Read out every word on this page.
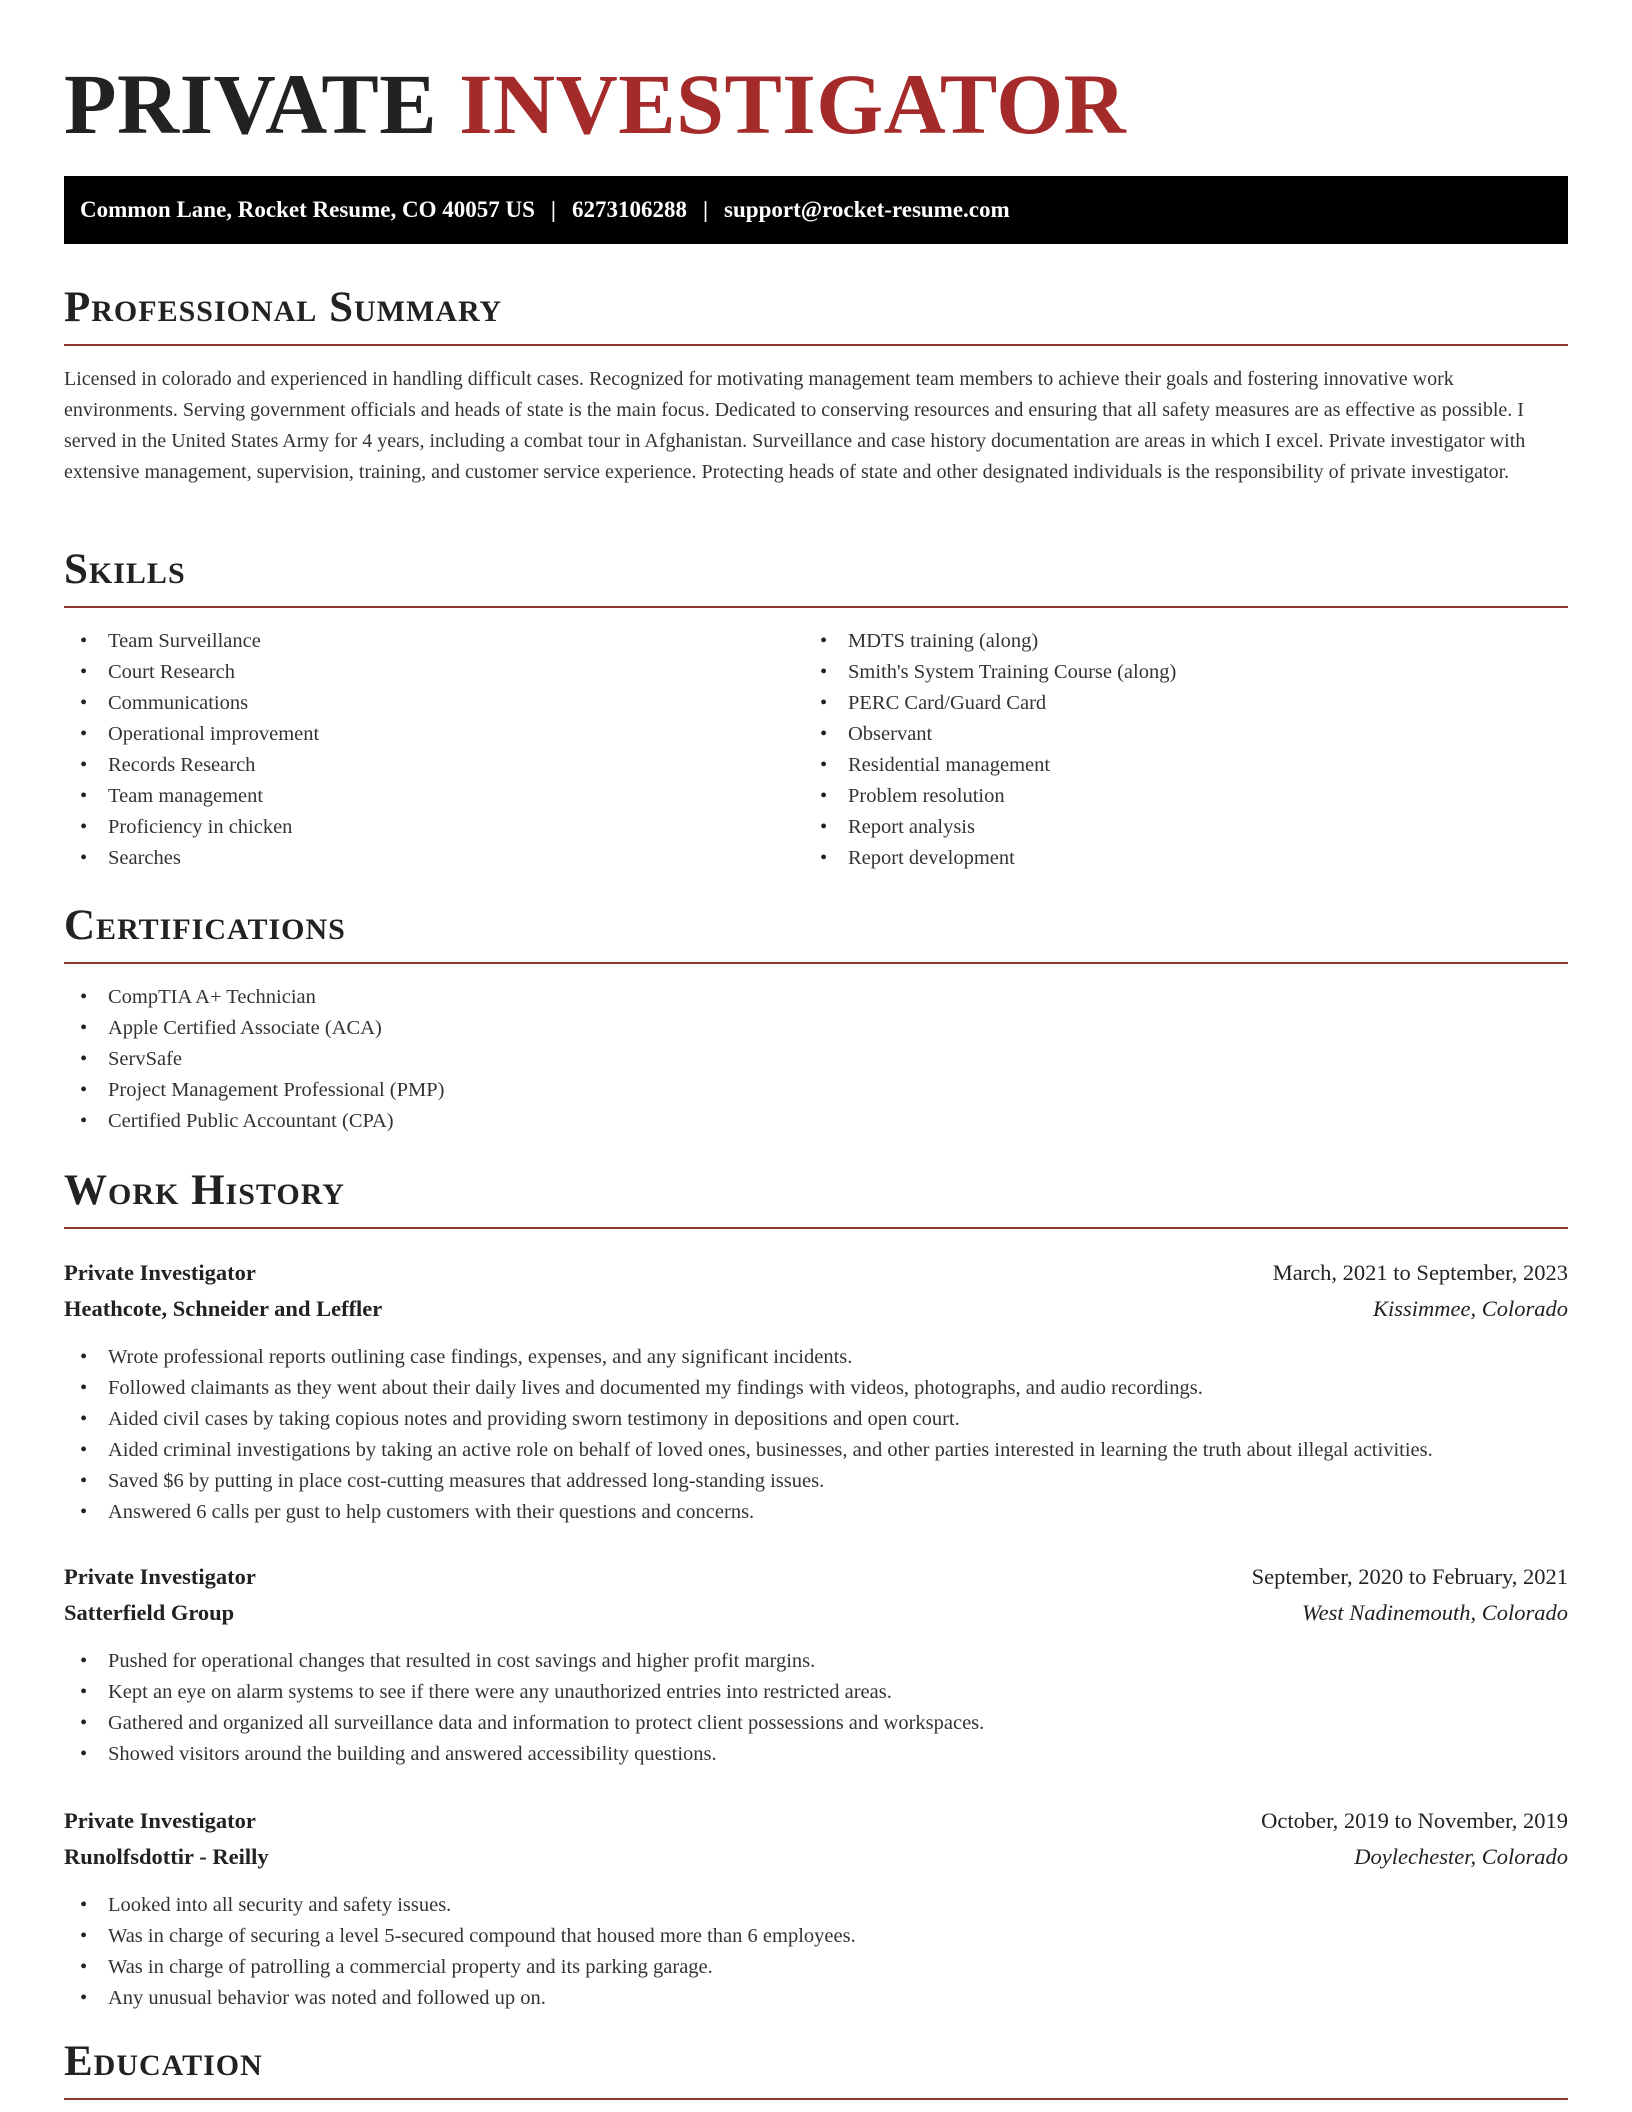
PRIVATE INVESTIGATOR
Common Lane, Rocket Resume, CO 40057 US | 6273106288 | support@rocket-resume.com
Professional Summary

Licensed in colorado and experienced in handling difficult cases. Recognized for motivating management team members to achieve their goals and fostering innovative work environments. Serving government officials and heads of state is the main focus. Dedicated to conserving resources and ensuring that all safety measures are as effective as possible. I served in the United States Army for 4 years, including a combat tour in Afghanistan. Surveillance and case history documentation are areas in which I excel. Private investigator with extensive management, supervision, training, and customer service experience. Protecting heads of state and other designated individuals is the responsibility of private investigator.

Skills
• Team Surveillance
• Court Research
• Communications
• Operational improvement
• Records Research
• Team management
• Proficiency in chicken
• Searches
• MDTS training (along)
• Smith's System Training Course (along)
• PERC Card/Guard Card
• Observant
• Residential management
• Problem resolution
• Report analysis
• Report development
Certifications
• CompTIA A+ Technician
• Apple Certified Associate (ACA)
• ServSafe
• Project Management Professional (PMP)
• Certified Public Accountant (CPA)
Work History
Private Investigator	March, 2021 to September, 2023
Heathcote, Schneider and Leffler	Kissimmee, Colorado
• Wrote professional reports outlining case findings, expenses, and any significant incidents.
• Followed claimants as they went about their daily lives and documented my findings with videos, photographs, and audio recordings.
• Aided civil cases by taking copious notes and providing sworn testimony in depositions and open court.
• Aided criminal investigations by taking an active role on behalf of loved ones, businesses, and other parties interested in learning the truth about illegal activities.
• Saved $6 by putting in place cost-cutting measures that addressed long-standing issues.
• Answered 6 calls per gust to help customers with their questions and concerns.
Private Investigator	September, 2020 to February, 2021
Satterfield Group	West Nadinemouth, Colorado
• Pushed for operational changes that resulted in cost savings and higher profit margins.
• Kept an eye on alarm systems to see if there were any unauthorized entries into restricted areas.
• Gathered and organized all surveillance data and information to protect client possessions and workspaces.
• Showed visitors around the building and answered accessibility questions.
Private Investigator	October, 2019 to November, 2019
Runolfsdottir - Reilly	Doylechester, Colorado
• Looked into all security and safety issues.
• Was in charge of securing a level 5-secured compound that housed more than 6 employees.
• Was in charge of patrolling a commercial property and its parking garage.
• Any unusual behavior was noted and followed up on.
Education
